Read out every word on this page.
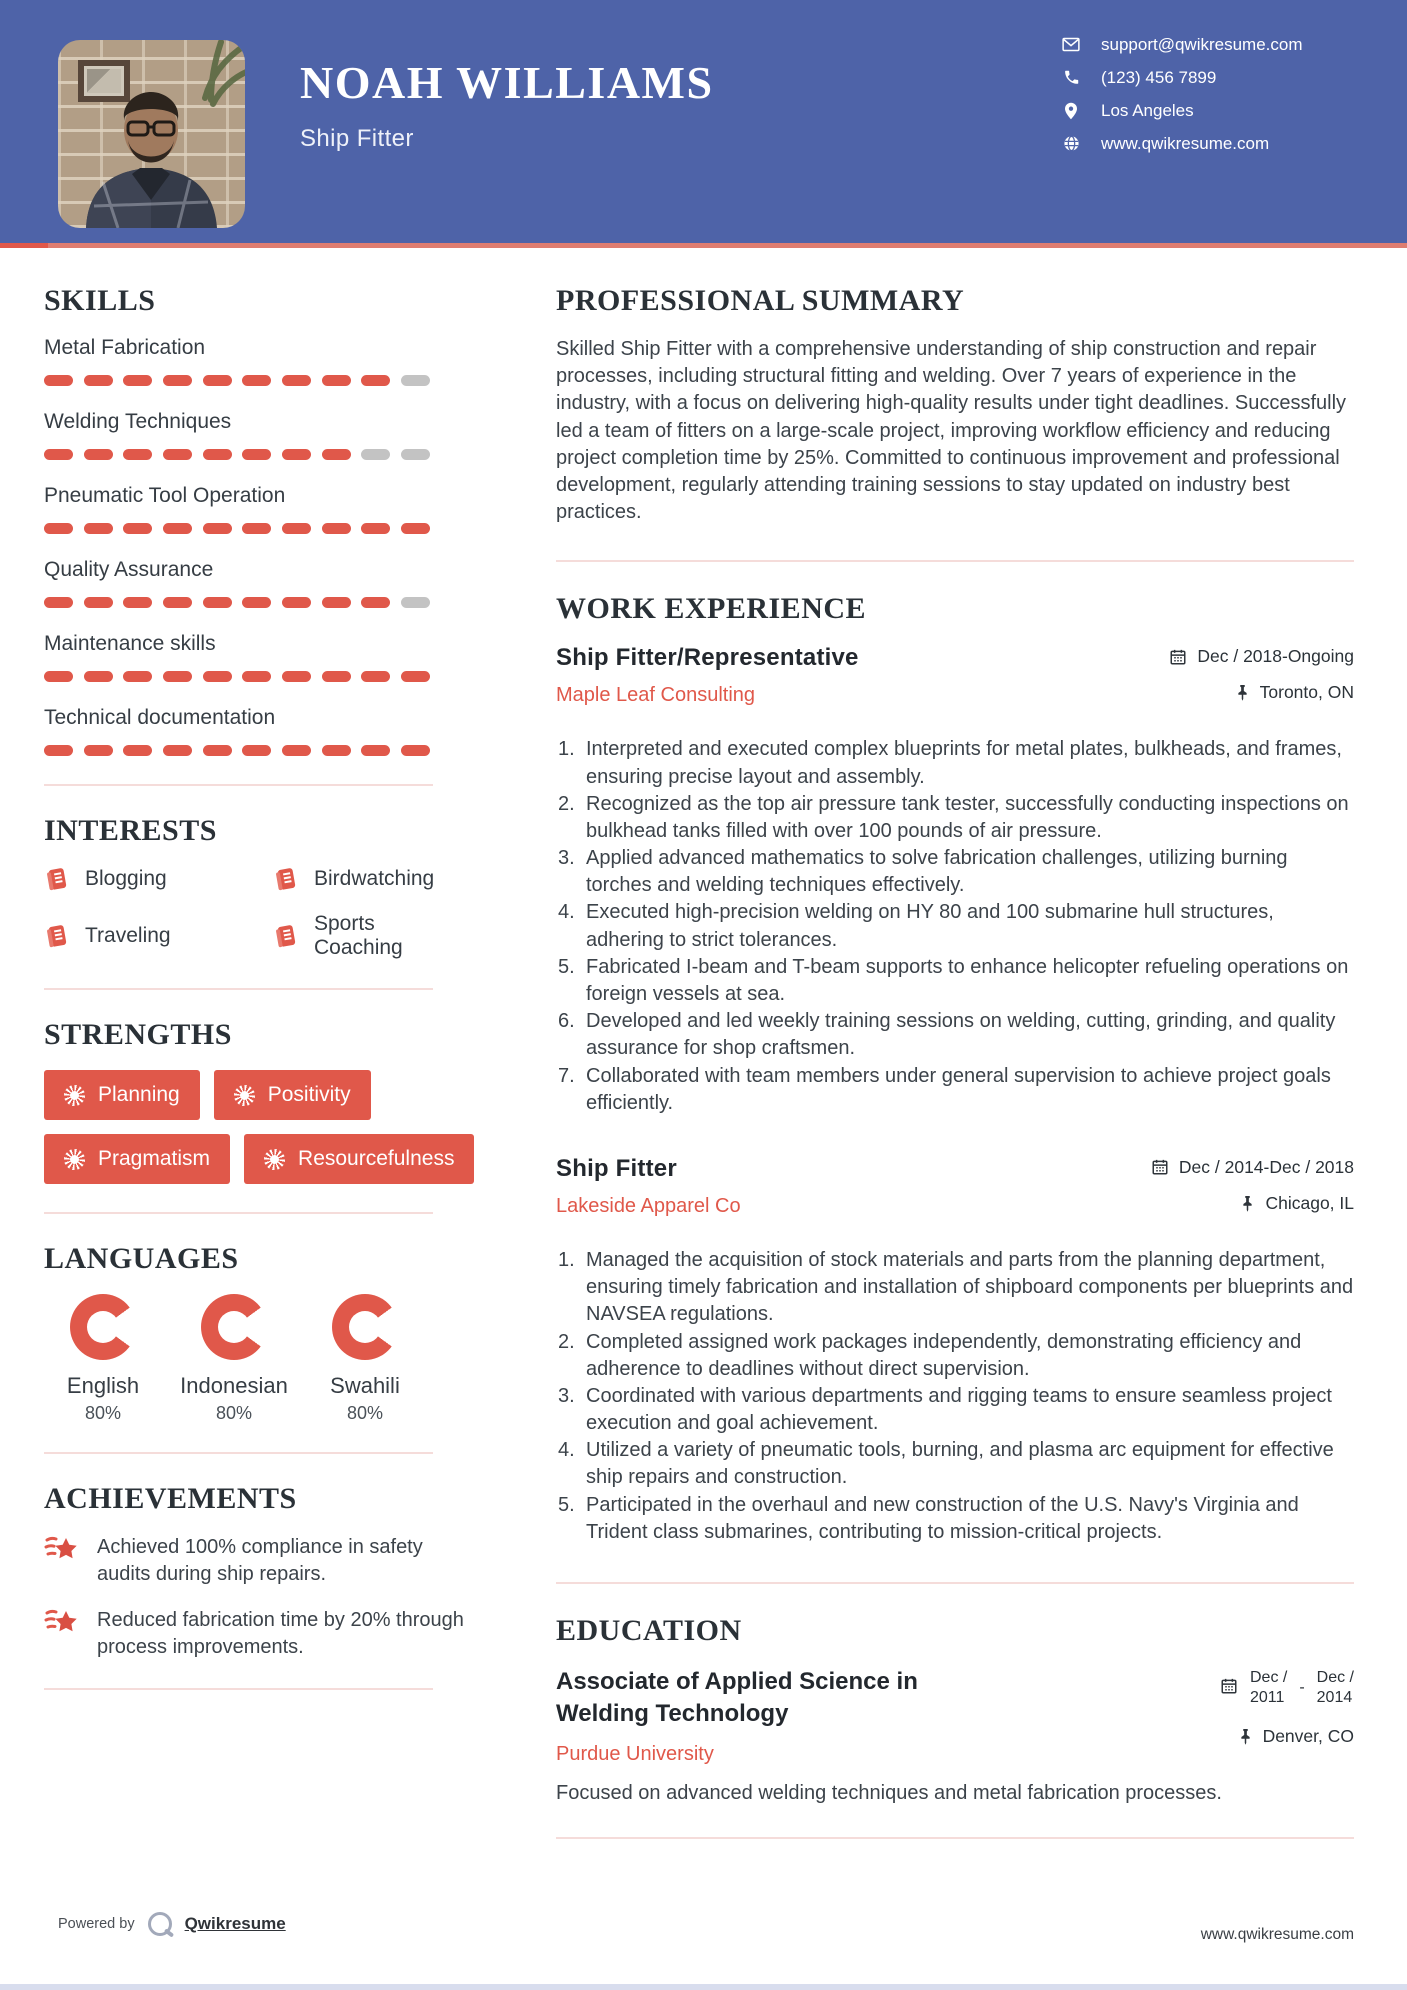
NOAH WILLIAMS
Ship Fitter
support@qwikresume.com
(123) 456 7899
Los Angeles
www.qwikresume.com
SKILLS
Metal Fabrication
Welding Techniques
Pneumatic Tool Operation
Quality Assurance
Maintenance skills
Technical documentation
INTERESTS
Blogging	Birdwatching
Traveling
Sports Coaching
STRENGTHS
Planning	Positivity
Pragmatism	Resourcefulness
LANGUAGES
English
80%
Indonesian
80%
Swahili
80%
ACHIEVEMENTS
Achieved 100% compliance in safety audits during ship repairs.
Reduced fabrication time by 20% through process improvements.
PROFESSIONAL SUMMARY

Skilled Ship Fitter with a comprehensive understanding of ship construction and repair processes, including structural fitting and welding. Over 7 years of experience in the industry, with a focus on delivering high-quality results under tight deadlines. Successfully led a team of fitters on a large-scale project, improving workflow efficiency and reducing project completion time by 25%. Committed to continuous improvement and professional development, regularly attending training sessions to stay updated on industry best practices.

WORK EXPERIENCE
Ship Fitter/Representative
Maple Leaf Consulting
Dec / 2018-Ongoing
Toronto, ON
Interpreted and executed complex blueprints for metal plates, bulkheads, and frames, ensuring precise layout and assembly.
Recognized as the top air pressure tank tester, successfully conducting inspections on bulkhead tanks filled with over 100 pounds of air pressure.
Applied advanced mathematics to solve fabrication challenges, utilizing burning torches and welding techniques effectively.
Executed high-precision welding on HY 80 and 100 submarine hull structures, adhering to strict tolerances.
Fabricated I-beam and T-beam supports to enhance helicopter refueling operations on foreign vessels at sea.
Developed and led weekly training sessions on welding, cutting, grinding, and quality assurance for shop craftsmen.
Collaborated with team members under general supervision to achieve project goals efficiently.
Ship Fitter
Lakeside Apparel Co
Dec / 2014-Dec / 2018
Chicago, IL
Managed the acquisition of stock materials and parts from the planning department, ensuring timely fabrication and installation of shipboard components per blueprints and NAVSEA regulations.
Completed assigned work packages independently, demonstrating efficiency and adherence to deadlines without direct supervision.
Coordinated with various departments and rigging teams to ensure seamless project execution and goal achievement.
Utilized a variety of pneumatic tools, burning, and plasma arc equipment for effective ship repairs and construction.
Participated in the overhaul and new construction of the U.S. Navy's Virginia and Trident class submarines, contributing to mission-critical projects.
EDUCATION
Associate of Applied Science in Welding Technology
Purdue University
Dec /
2011
-
Dec /
2014
Denver, CO

Focused on advanced welding techniques and metal fabrication processes.

Powered by	Qwikresume
www.qwikresume.com
